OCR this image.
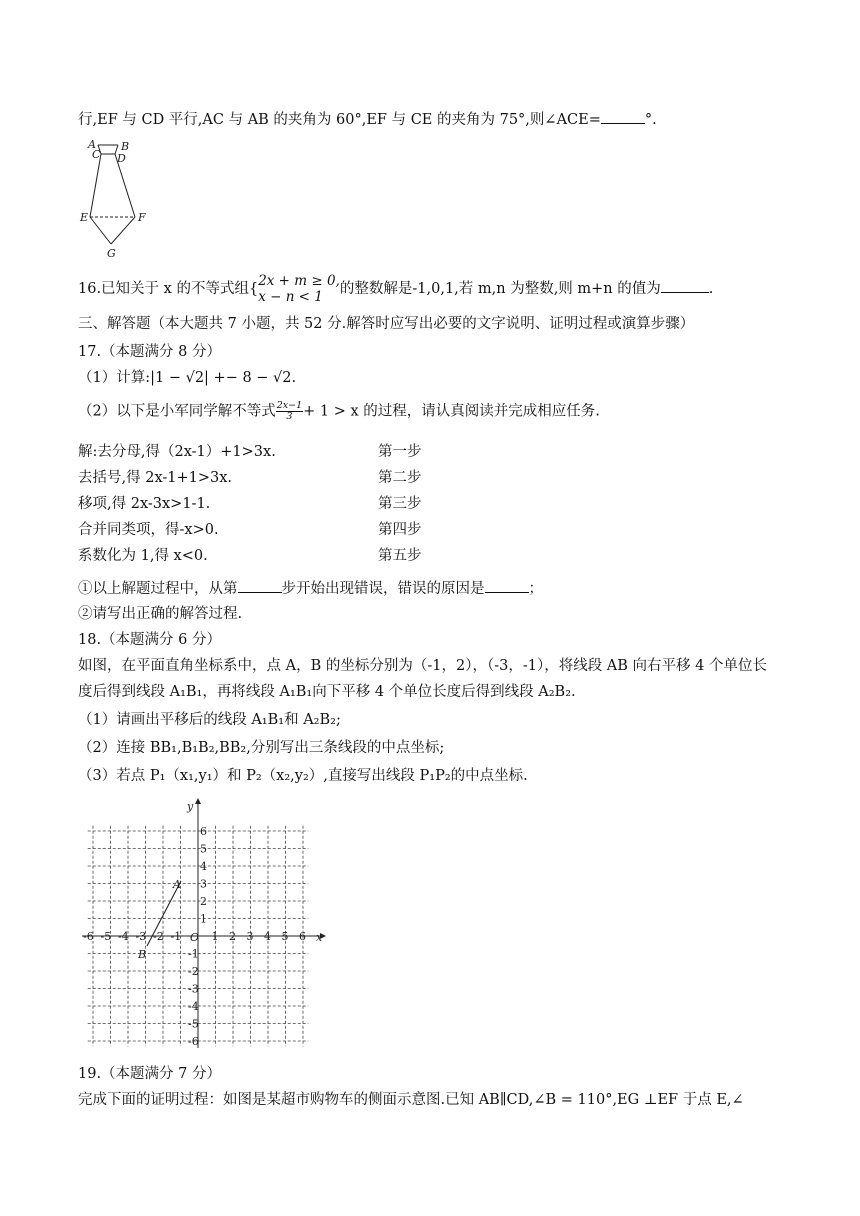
行,EF 与 CD 平行,AC 与 AB 的夹角为 60°,EF 与 CE 的夹角为 75°,则∠ACE=	°.
A B
C D
E	F
G
16.已知关于 x 的不等式组{ 2x + m ≥ 0,
x − n < 1	的整数解是-1,0,1,若 m,n 为整数,则 m+n 的值为	.
三、解答题（本大题共 7 小题，共 52 分.解答时应写出必要的文字说明、证明过程或演算步骤）
17.（本题满分 8 分）
（1）计算:|1 − √2| +− 8 − √2.
（2）以下是小军同学解不等式 $\frac{2x-1}{3} + 1 > x$ 的过程，请认真阅读并完成相应任务.
解:去分母,得（2x-1）+1>3x.	第一步
去括号,得 2x-1+1>3x.	第二步
移项,得 2x-3x>1-1.	第三步
合并同类项，得-x>0.	第四步
系数化为 1,得 x<0.	第五步
①以上解题过程中，从第	步开始出现错误，错误的原因是	；
②请写出正确的解答过程.
18.（本题满分 6 分）
如图，在平面直角坐标系中，点 A，B 的坐标分别为（-1，2），（-3，-1），将线段 AB 向右平移 4 个单位长
度后得到线段 A₁B₁，再将线段 A₁B₁向下平移 4 个单位长度后得到线段 A₂B₂.
（1）请画出平移后的线段 A₁B₁和 A₂B₂;
（2）连接 BB₁,B₁B₂,BB₂,分别写出三条线段的中点坐标;
（3）若点 P₁（x₁,y₁）和 P₂（x₂,y₂）,直接写出线段 P₁P₂的中点坐标.
-6 -5 -4 -3 -2 -1	1 2 3 4 5 6
6
5
4
3
2
1
-1
-2
-3
-4
-5
-6
x
y
O
A
B
19.（本题满分 7 分）
完成下面的证明过程：如图是某超市购物车的侧面示意图.已知 AB∥CD,∠B = 110°,EG ⊥EF 于点 E,∠
